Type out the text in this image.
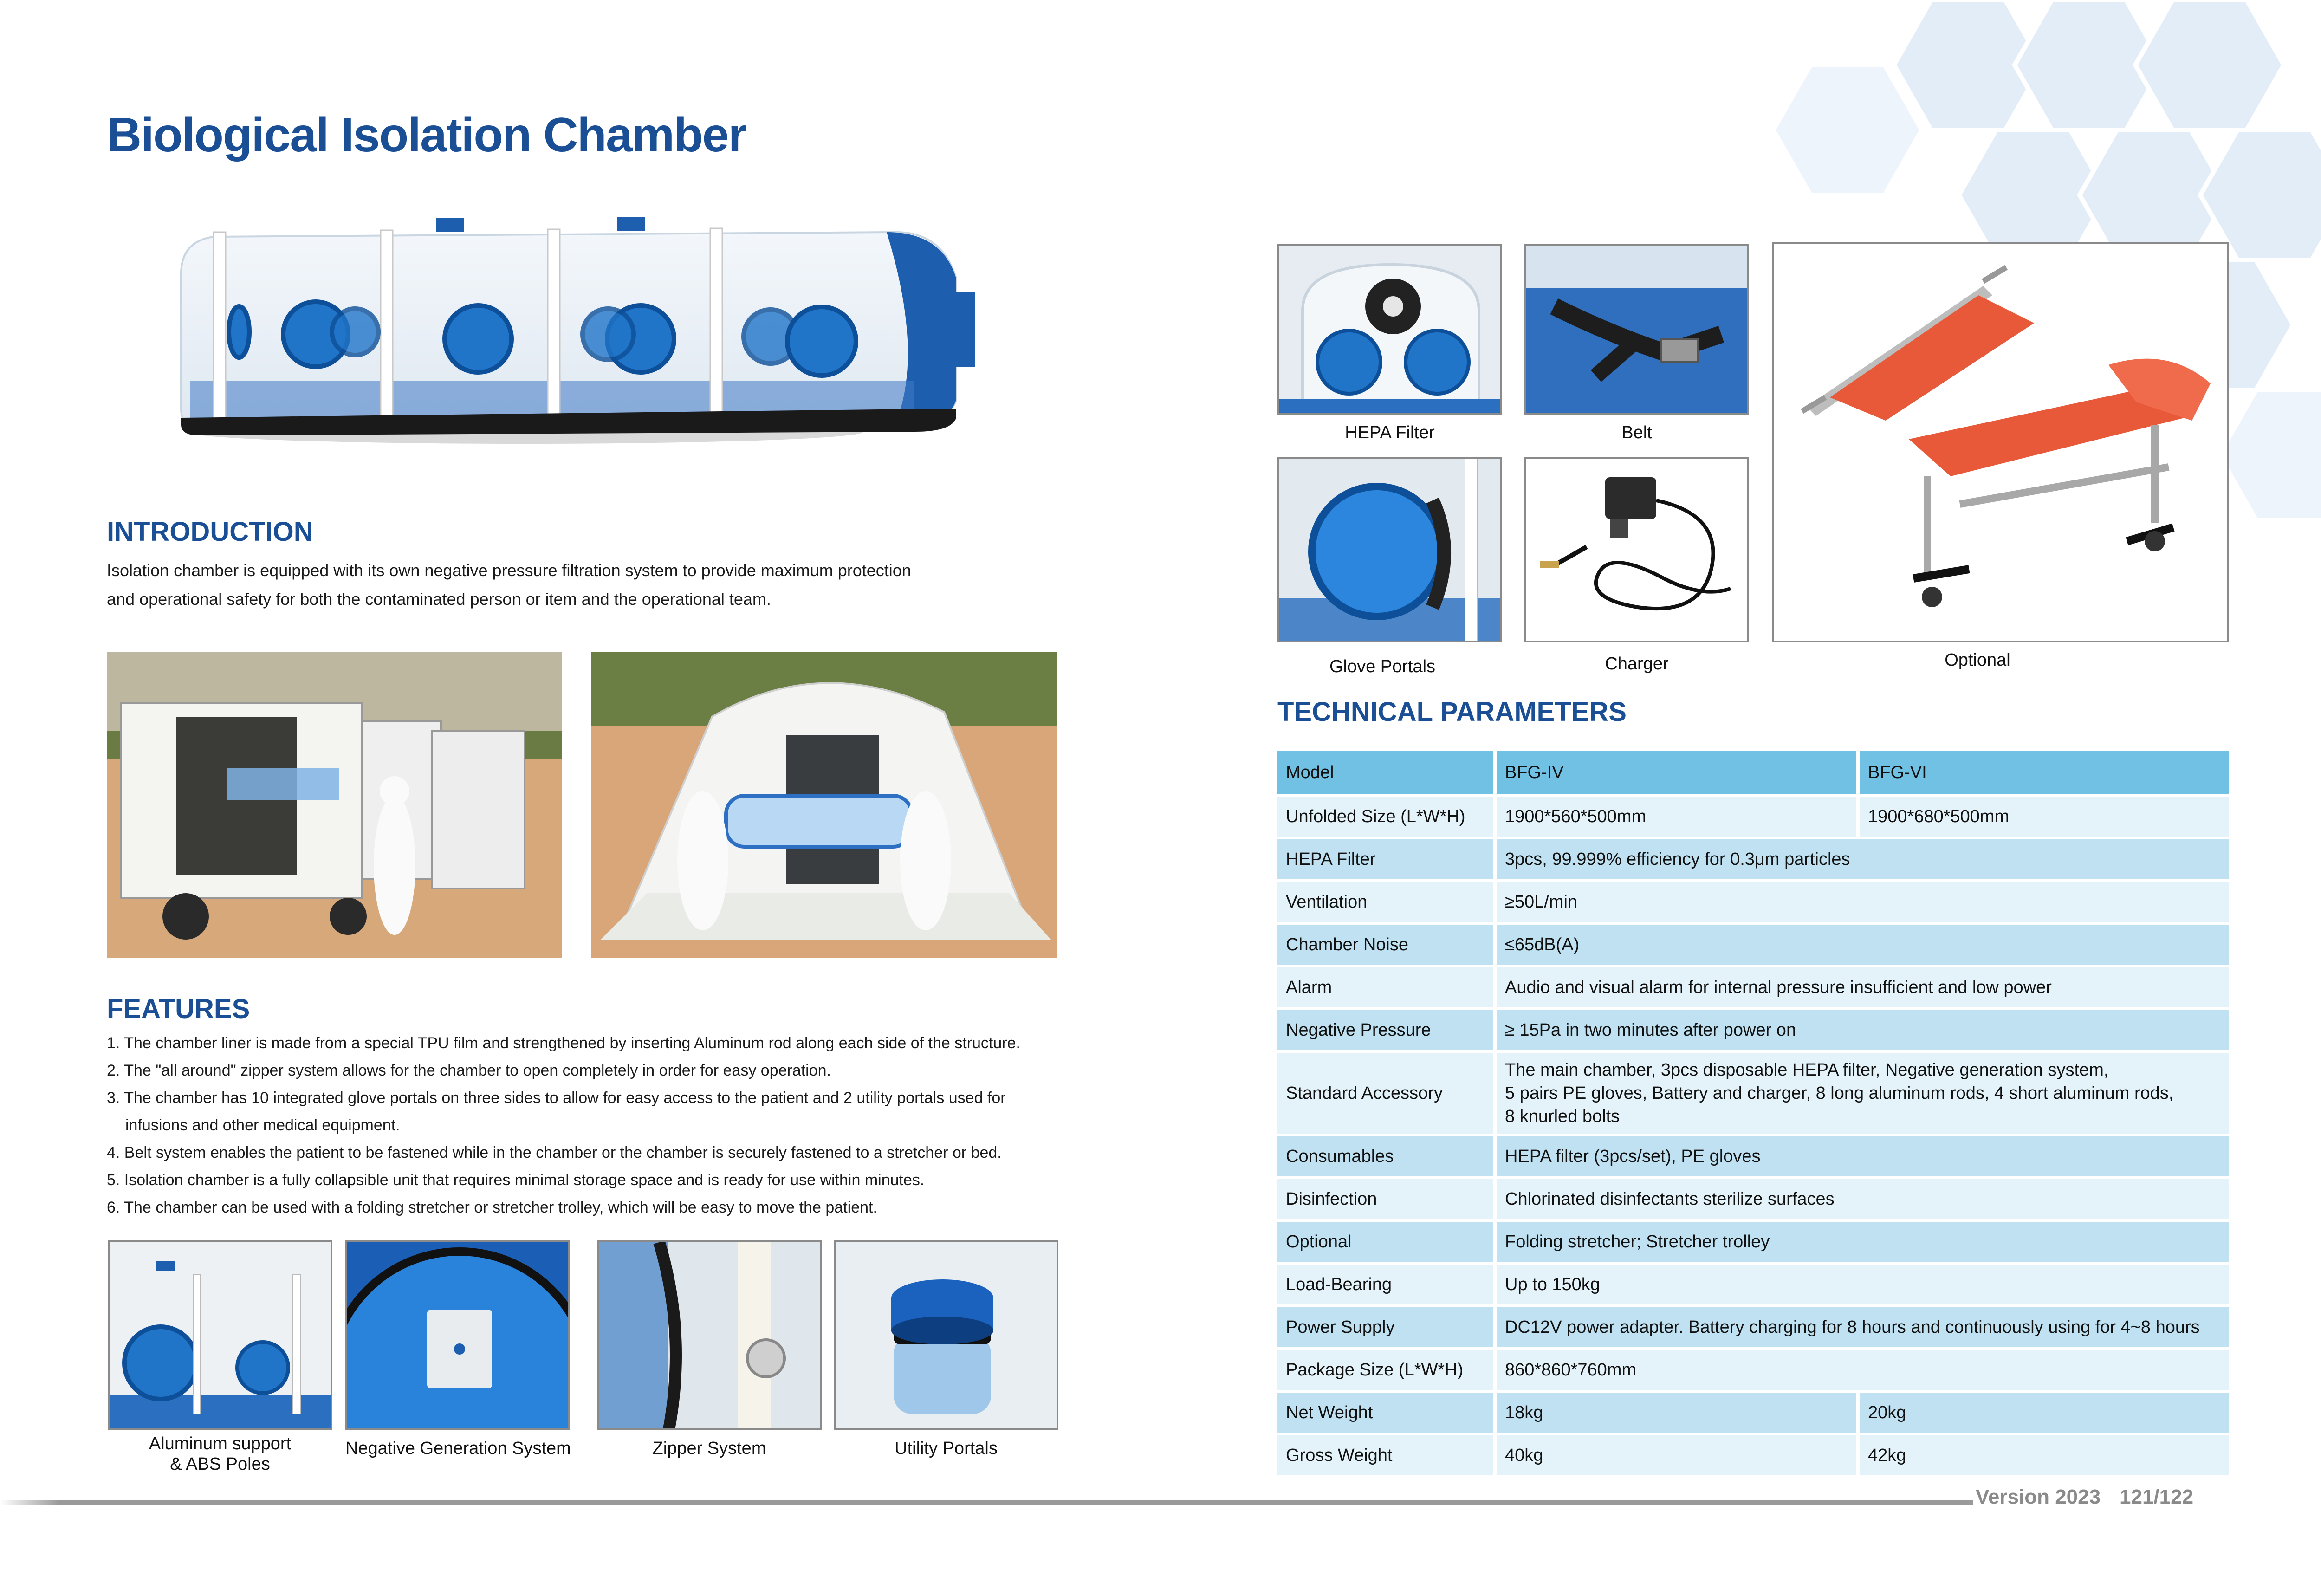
Biological Isolation Chamber
INTRODUCTION
Isolation chamber is equipped with its own negative pressure filtration system to provide maximum protection
and operational safety for both the contaminated person or item and the operational team.
FEATURES
1. The chamber liner is made from a special TPU film and strengthened by inserting Aluminum rod along each side of the structure.
2. The "all around" zipper system allows for the chamber to open completely in order for easy operation.
3. The chamber has 10 integrated glove portals on three sides to allow for easy access to the patient and 2 utility portals used for
infusions and other medical equipment.
4. Belt system enables the patient to be fastened while in the chamber or the chamber is securely fastened to a stretcher or bed.
5. Isolation chamber is a fully collapsible unit that requires minimal storage space and is ready for use within minutes.
6. The chamber can be used with a folding stretcher or stretcher trolley, which will be easy to move the patient.
Aluminum support
& ABS Poles
Negative Generation System	Zipper System	Utility Portals
HEPA Filter	Belt
Glove Portals	Charger	Optional
TECHNICAL PARAMETERS
Model	BFG-IV	BFG-VI
Unfolded Size (L*W*H)	1900*560*500mm	1900*680*500mm
HEPA Filter	3pcs, 99.999% efficiency for 0.3μm particles	
Ventilation	≥50L/min	
Chamber Noise	≤65dB(A)	
Alarm	Audio and visual alarm for internal pressure insufficient and low power	
Negative Pressure	≥ 15Pa in two minutes after power on	
Standard Accessory	The main chamber, 3pcs disposable HEPA filter, Negative generation system,
5 pairs PE gloves, Battery and charger, 8 long aluminum rods, 4 short aluminum rods,
8 knurled bolts	

Consumables	HEPA filter (3pcs/set), PE gloves	
Disinfection	Chlorinated disinfectants sterilize surfaces	
Optional	Folding stretcher; Stretcher trolley	
Load-Bearing	Up to 150kg	
Power Supply	DC12V power adapter. Battery charging for 8 hours and continuously using for 4~8 hours	
Package Size (L*W*H)	860*860*760mm	
Net Weight	18kg	20kg
Gross Weight	40kg	42kg
Version 2023 121/122
